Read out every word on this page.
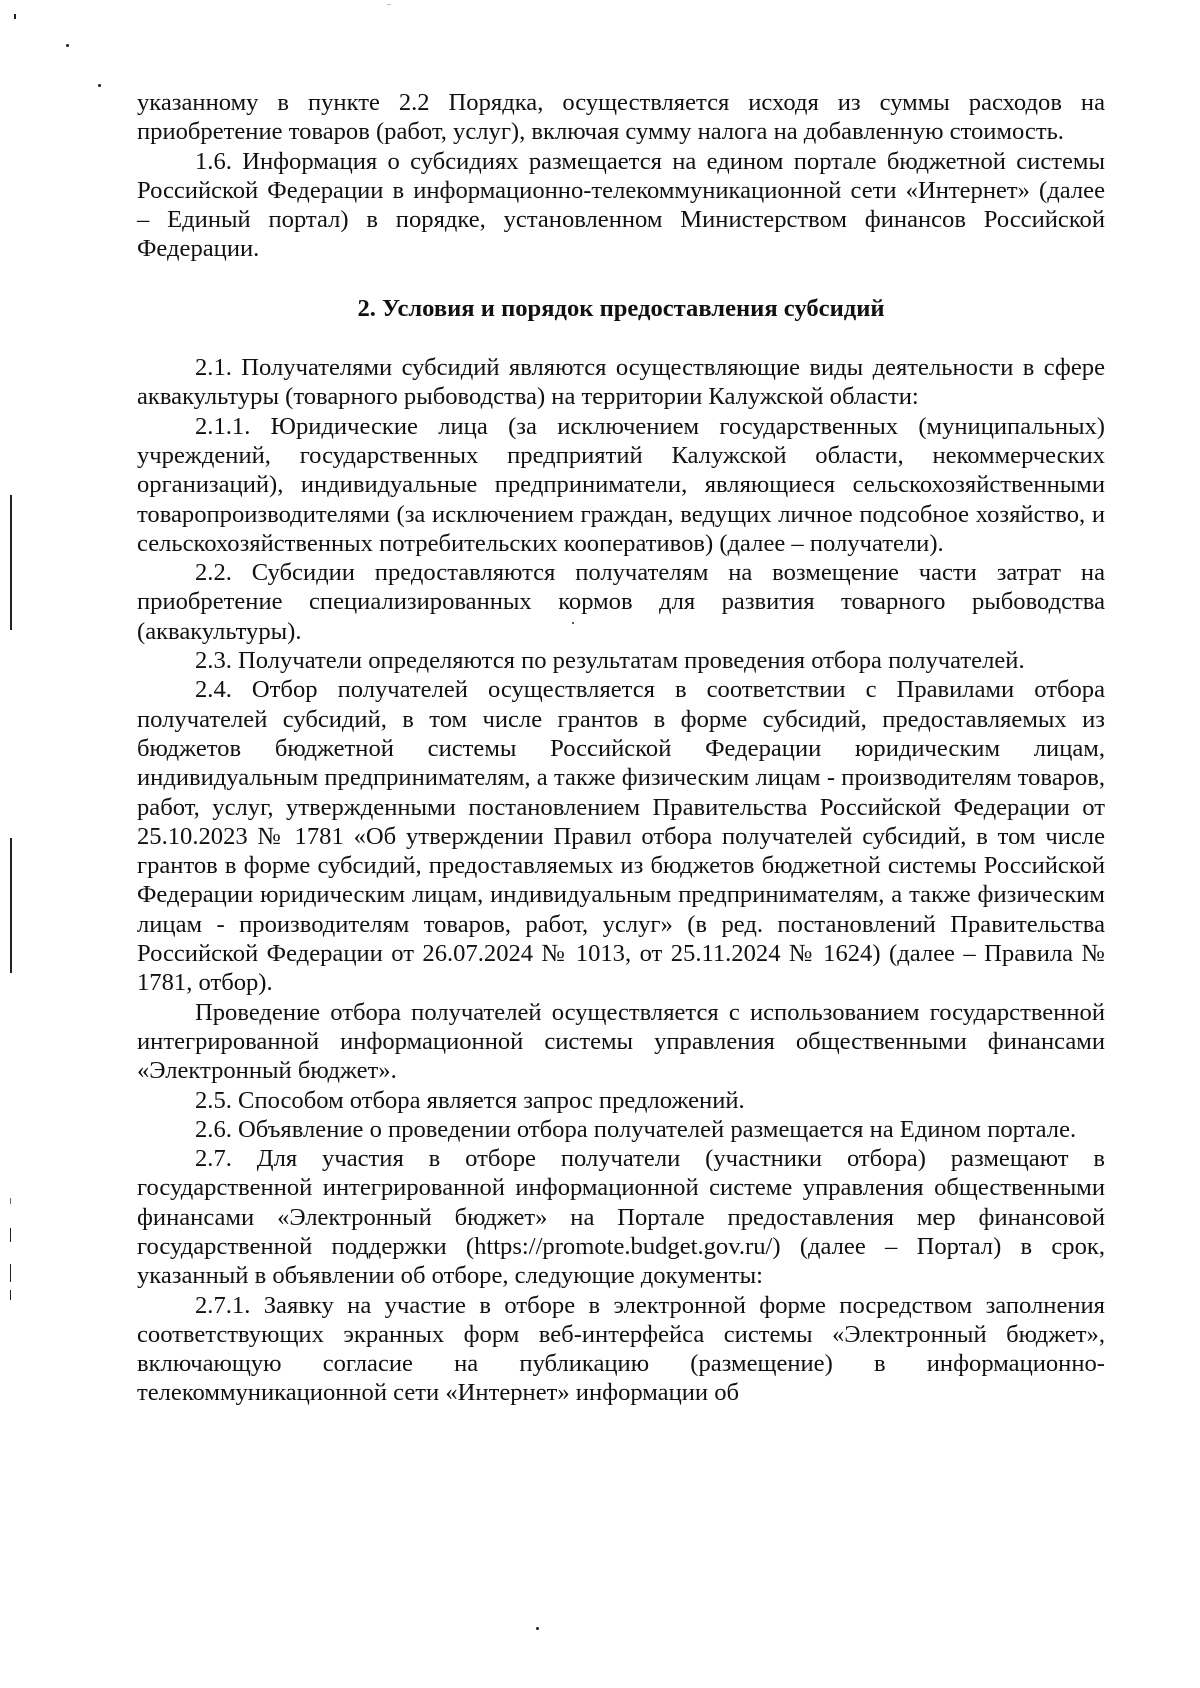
указанному в пункте 2.2 Порядка, осуществляется исходя из суммы расходов на приобретение товаров (работ, услуг), включая сумму налога на добавленную стоимость.

1.6. Информация о субсидиях размещается на едином портале бюджетной системы Российской Федерации в информационно-телекоммуникационной сети «Интернет» (далее – Единый портал) в порядке, установленном Министерством финансов Российской Федерации.

2. Условия и порядок предоставления субсидий

2.1. Получателями субсидий являются осуществляющие виды деятельности в сфере аквакультуры (товарного рыбоводства) на территории Калужской области:

2.1.1. Юридические лица (за исключением государственных (муниципальных) учреждений, государственных предприятий Калужской области, некоммерческих организаций), индивидуальные предприниматели, являющиеся сельскохозяйственными товаропроизводителями (за исключением граждан, ведущих личное подсобное хозяйство, и сельскохозяйственных потребительских кооперативов) (далее – получатели).

2.2. Субсидии предоставляются получателям на возмещение части затрат на приобретение специализированных кормов для развития товарного рыбоводства (аквакультуры).

2.3. Получатели определяются по результатам проведения отбора получателей.

2.4. Отбор получателей осуществляется в соответствии с Правилами отбора получателей субсидий, в том числе грантов в форме субсидий, предоставляемых из бюджетов бюджетной системы Российской Федерации юридическим лицам, индивидуальным предпринимателям, а также физическим лицам - производителям товаров, работ, услуг, утвержденными постановлением Правительства Российской Федерации от 25.10.2023 № 1781 «Об утверждении Правил отбора получателей субсидий, в том числе грантов в форме субсидий, предоставляемых из бюджетов бюджетной системы Российской Федерации юридическим лицам, индивидуальным предпринимателям, а также физическим лицам - производителям товаров, работ, услуг» (в ред. постановлений Правительства Российской Федерации от 26.07.2024 № 1013, от 25.11.2024 № 1624) (далее – Правила № 1781, отбор).

Проведение отбора получателей осуществляется с использованием государственной интегрированной информационной системы управления общественными финансами «Электронный бюджет».

2.5. Способом отбора является запрос предложений.

2.6. Объявление о проведении отбора получателей размещается на Едином портале.

2.7. Для участия в отборе получатели (участники отбора) размещают в государственной интегрированной информационной системе управления общественными финансами «Электронный бюджет» на Портале предоставления мер финансовой государственной поддержки (https://promote.budget.gov.ru/) (далее – Портал) в срок, указанный в объявлении об отборе, следующие документы:

2.7.1. Заявку на участие в отборе в электронной форме посредством заполнения соответствующих экранных форм веб-интерфейса системы «Электронный бюджет», включающую согласие на публикацию (размещение) в информационно-телекоммуникационной сети «Интернет» информации об
